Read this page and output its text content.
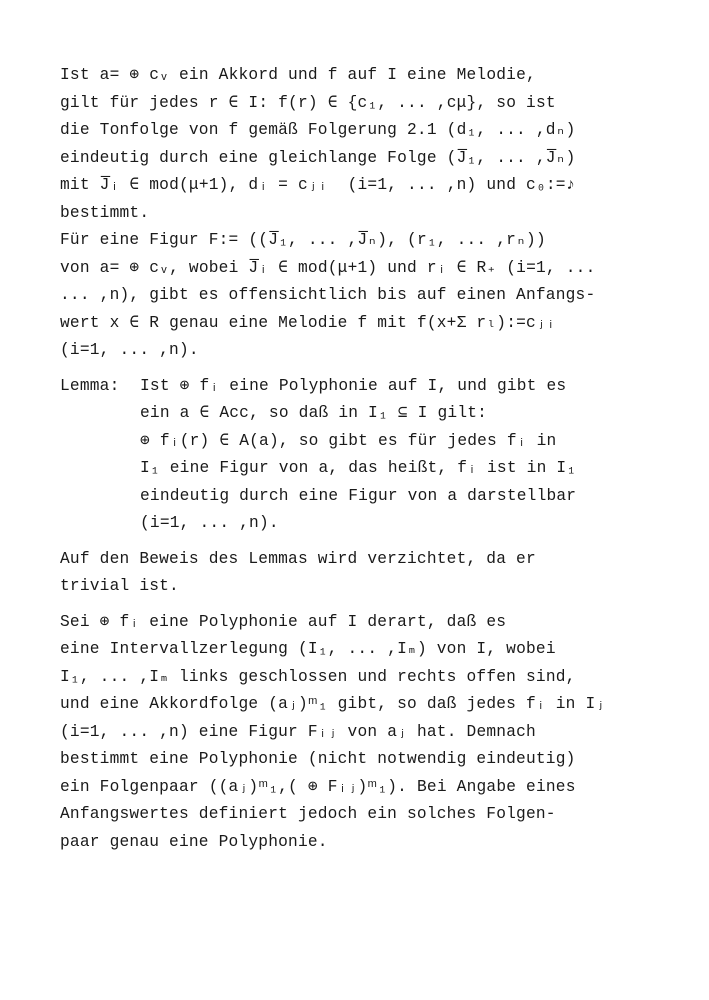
Ist a= ⊕ cᵥ ein Akkord und f auf I eine Melodie,
gilt für jedes r ∈ I: f(r) ∈ {c₁, ... ,cμ}, so ist
die Tonfolge von f gemäß Folgerung 2.1 (d₁, ... ,dₙ)
eindeutig durch eine gleichlange Folge (J̅₁, ... ,J̅ₙ)
mit J̅ᵢ ∈ mod(μ+1), dᵢ = cⱼᵢ  (i=1, ... ,n) und c₀:=♪
bestimmt.
Für eine Figur F:= ((J̅₁, ... ,J̅ₙ), (r₁, ... ,rₙ))
von a= ⊕ cᵥ, wobei J̅ᵢ ∈ mod(μ+1) und rᵢ ∈ R₊ (i=1, ...
... ,n), gibt es offensichtlich bis auf einen Anfangs-
wert x ∈ R genau eine Melodie f mit f(x+Σ rₗ):=cⱼᵢ
(i=1, ... ,n).
Lemma: Ist ⊕ fᵢ eine Polyphonie auf I, und gibt es
ein a ∈ Acc, so daß in I₁ ⊆ I gilt:
⊕ fᵢ(r) ∈ A(a), so gibt es für jedes fᵢ in
I₁ eine Figur von a, das heißt, fᵢ ist in I₁
eindeutig durch eine Figur von a darstellbar
(i=1, ... ,n).
Auf den Beweis des Lemmas wird verzichtet, da er
trivial ist.
Sei ⊕ fᵢ eine Polyphonie auf I derart, daß es
eine Intervallzerlegung (I₁, ... ,Iₘ) von I, wobei
I₁, ... ,Iₘ links geschlossen und rechts offen sind,
und eine Akkordfolge (aⱼ)ᵐ₁ gibt, so daß jedes fᵢ in Iⱼ
(i=1, ... ,n) eine Figur Fᵢⱼ von aⱼ hat. Demnach
bestimmt eine Polyphonie (nicht notwendig eindeutig)
ein Folgenpaar ((aⱼ)ᵐ₁,( ⊕ Fᵢⱼ)ᵐ₁). Bei Angabe eines
Anfangswertes definiert jedoch ein solches Folgen-
paar genau eine Polyphonie.
